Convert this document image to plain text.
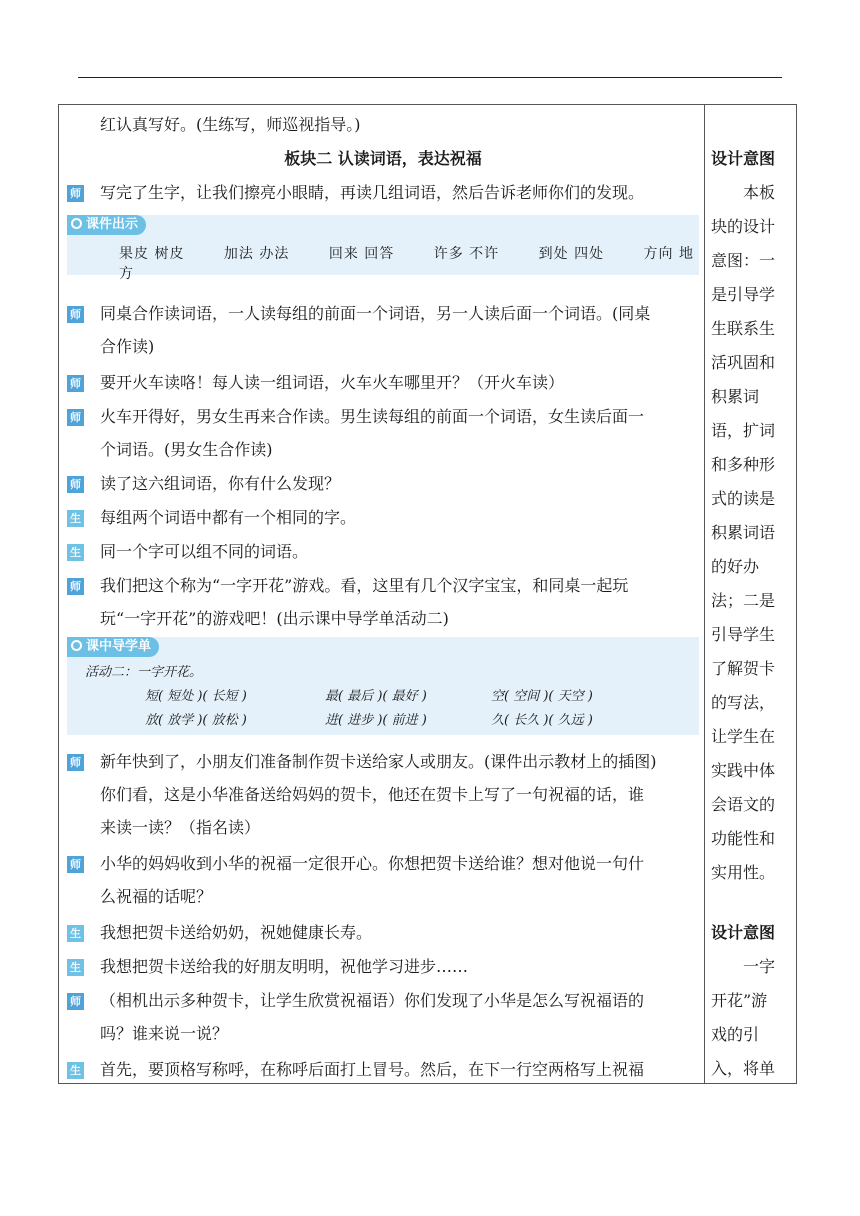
红认真写好。(生练写，师巡视指导。)
板块二 认读词语，表达祝福
师 写完了生字，让我们擦亮小眼睛，再读几组词语，然后告诉老师你们的发现。
课件出示
果皮 树皮	加法 办法	回来 回答	许多 不许	到处 四处	方向 地方
师 同桌合作读词语，一人读每组的前面一个词语，另一人读后面一个词语。(同桌
合作读)
师 要开火车读咯！每人读一组词语，火车火车哪里开？（开火车读）
师 火车开得好，男女生再来合作读。男生读每组的前面一个词语，女生读后面一
个词语。(男女生合作读)
师 读了这六组词语，你有什么发现？
生 每组两个词语中都有一个相同的字。
生 同一个字可以组不同的词语。
师 我们把这个称为“一字开花”游戏。看，这里有几个汉字宝宝，和同桌一起玩
玩“一字开花”的游戏吧！(出示课中导学单活动二)
课中导学单
活动二：一字开花。
短( 短处 )( 长短 )	最( 最后 )( 最好 )	空( 空间 )( 天空 )
放( 放学 )( 放松 )	进( 进步 )( 前进 )	久( 长久 )( 久远 )
师 新年快到了，小朋友们准备制作贺卡送给家人或朋友。(课件出示教材上的插图)
你们看，这是小华准备送给妈妈的贺卡，他还在贺卡上写了一句祝福的话，谁
来读一读？（指名读）
师 小华的妈妈收到小华的祝福一定很开心。你想把贺卡送给谁？想对他说一句什
么祝福的话呢？
生 我想把贺卡送给奶奶，祝她健康长寿。
生 我想把贺卡送给我的好朋友明明，祝他学习进步……
师 （相机出示多种贺卡，让学生欣赏祝福语）你们发现了小华是怎么写祝福语的
吗？谁来说一说？
生 首先，要顶格写称呼，在称呼后面打上冒号。然后，在下一行空两格写上祝福
设计意图
本板
块的设计
意图：一
是引导学
生联系生
活巩固和
积累词
语，扩词
和多种形
式的读是
积累词语
的好办
法；二是
引导学生
了解贺卡
的写法，
让学生在
实践中体
会语文的
功能性和
实用性。
设计意图
一字
开花”游
戏的引
入，将单
